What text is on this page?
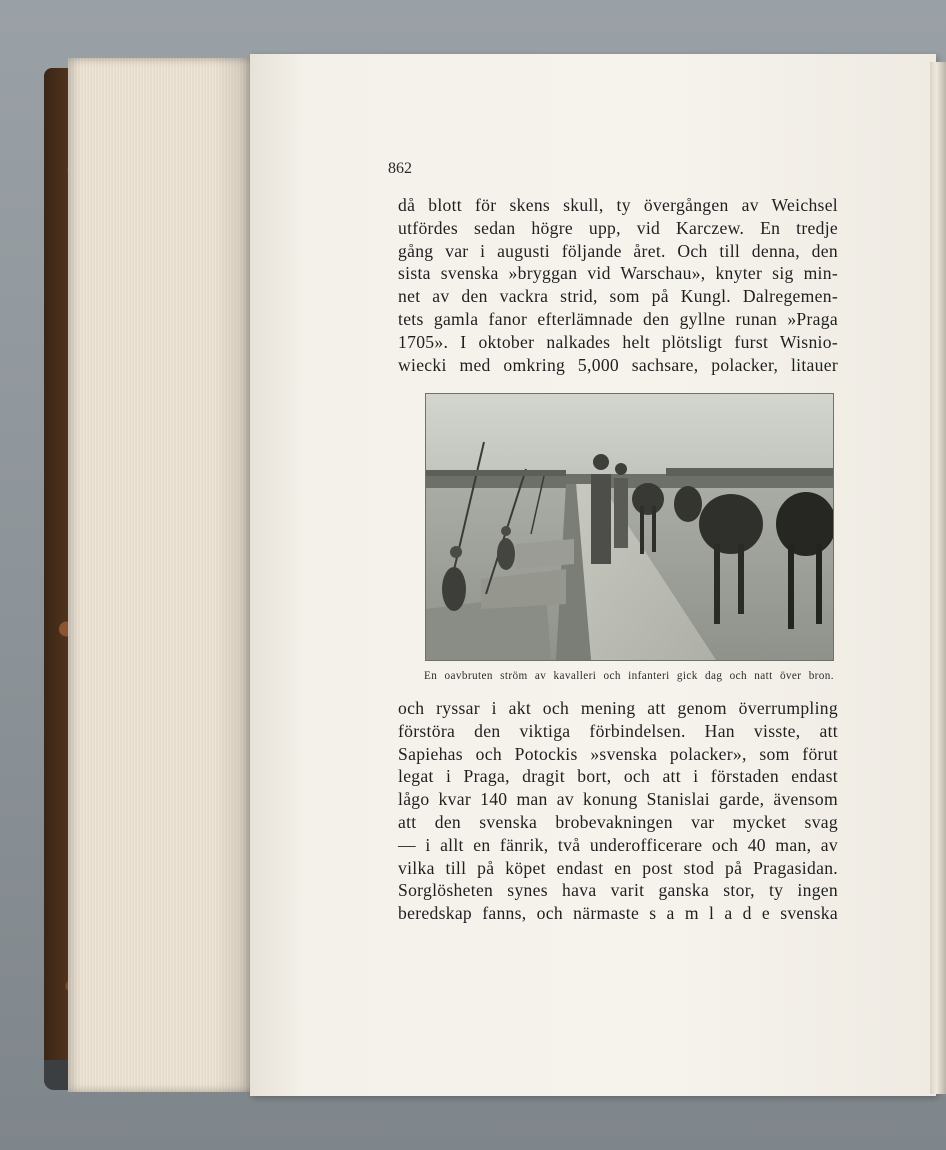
862
då blott för skens skull, ty övergången av Weichsel
utfördes sedan högre upp, vid Karczew. En tredje
gång var i augusti följande året. Och till denna, den
sista svenska »bryggan vid Warschau», knyter sig min-
net av den vackra strid, som på Kungl. Dalregemen-
tets gamla fanor efterlämnade den gyllne runan »Praga
1705». I oktober nalkades helt plötsligt furst Wisnio-
wiecki med omkring 5,000 sachsare, polacker, litauer
En oavbruten ström av kavalleri och infanteri gick dag och natt över bron.
och ryssar i akt och mening att genom överrumpling
förstöra den viktiga förbindelsen. Han visste, att
Sapiehas och Potockis »svenska polacker», som förut
legat i Praga, dragit bort, och att i förstaden endast
lågo kvar 140 man av konung Stanislai garde, ävensom
att den svenska brobevakningen var mycket svag
— i allt en fänrik, två underofficerare och 40 man, av
vilka till på köpet endast en post stod på Pragasidan.
Sorglösheten synes hava varit ganska stor, ty ingen
beredskap fanns, och närmaste s a m l a d e svenska
